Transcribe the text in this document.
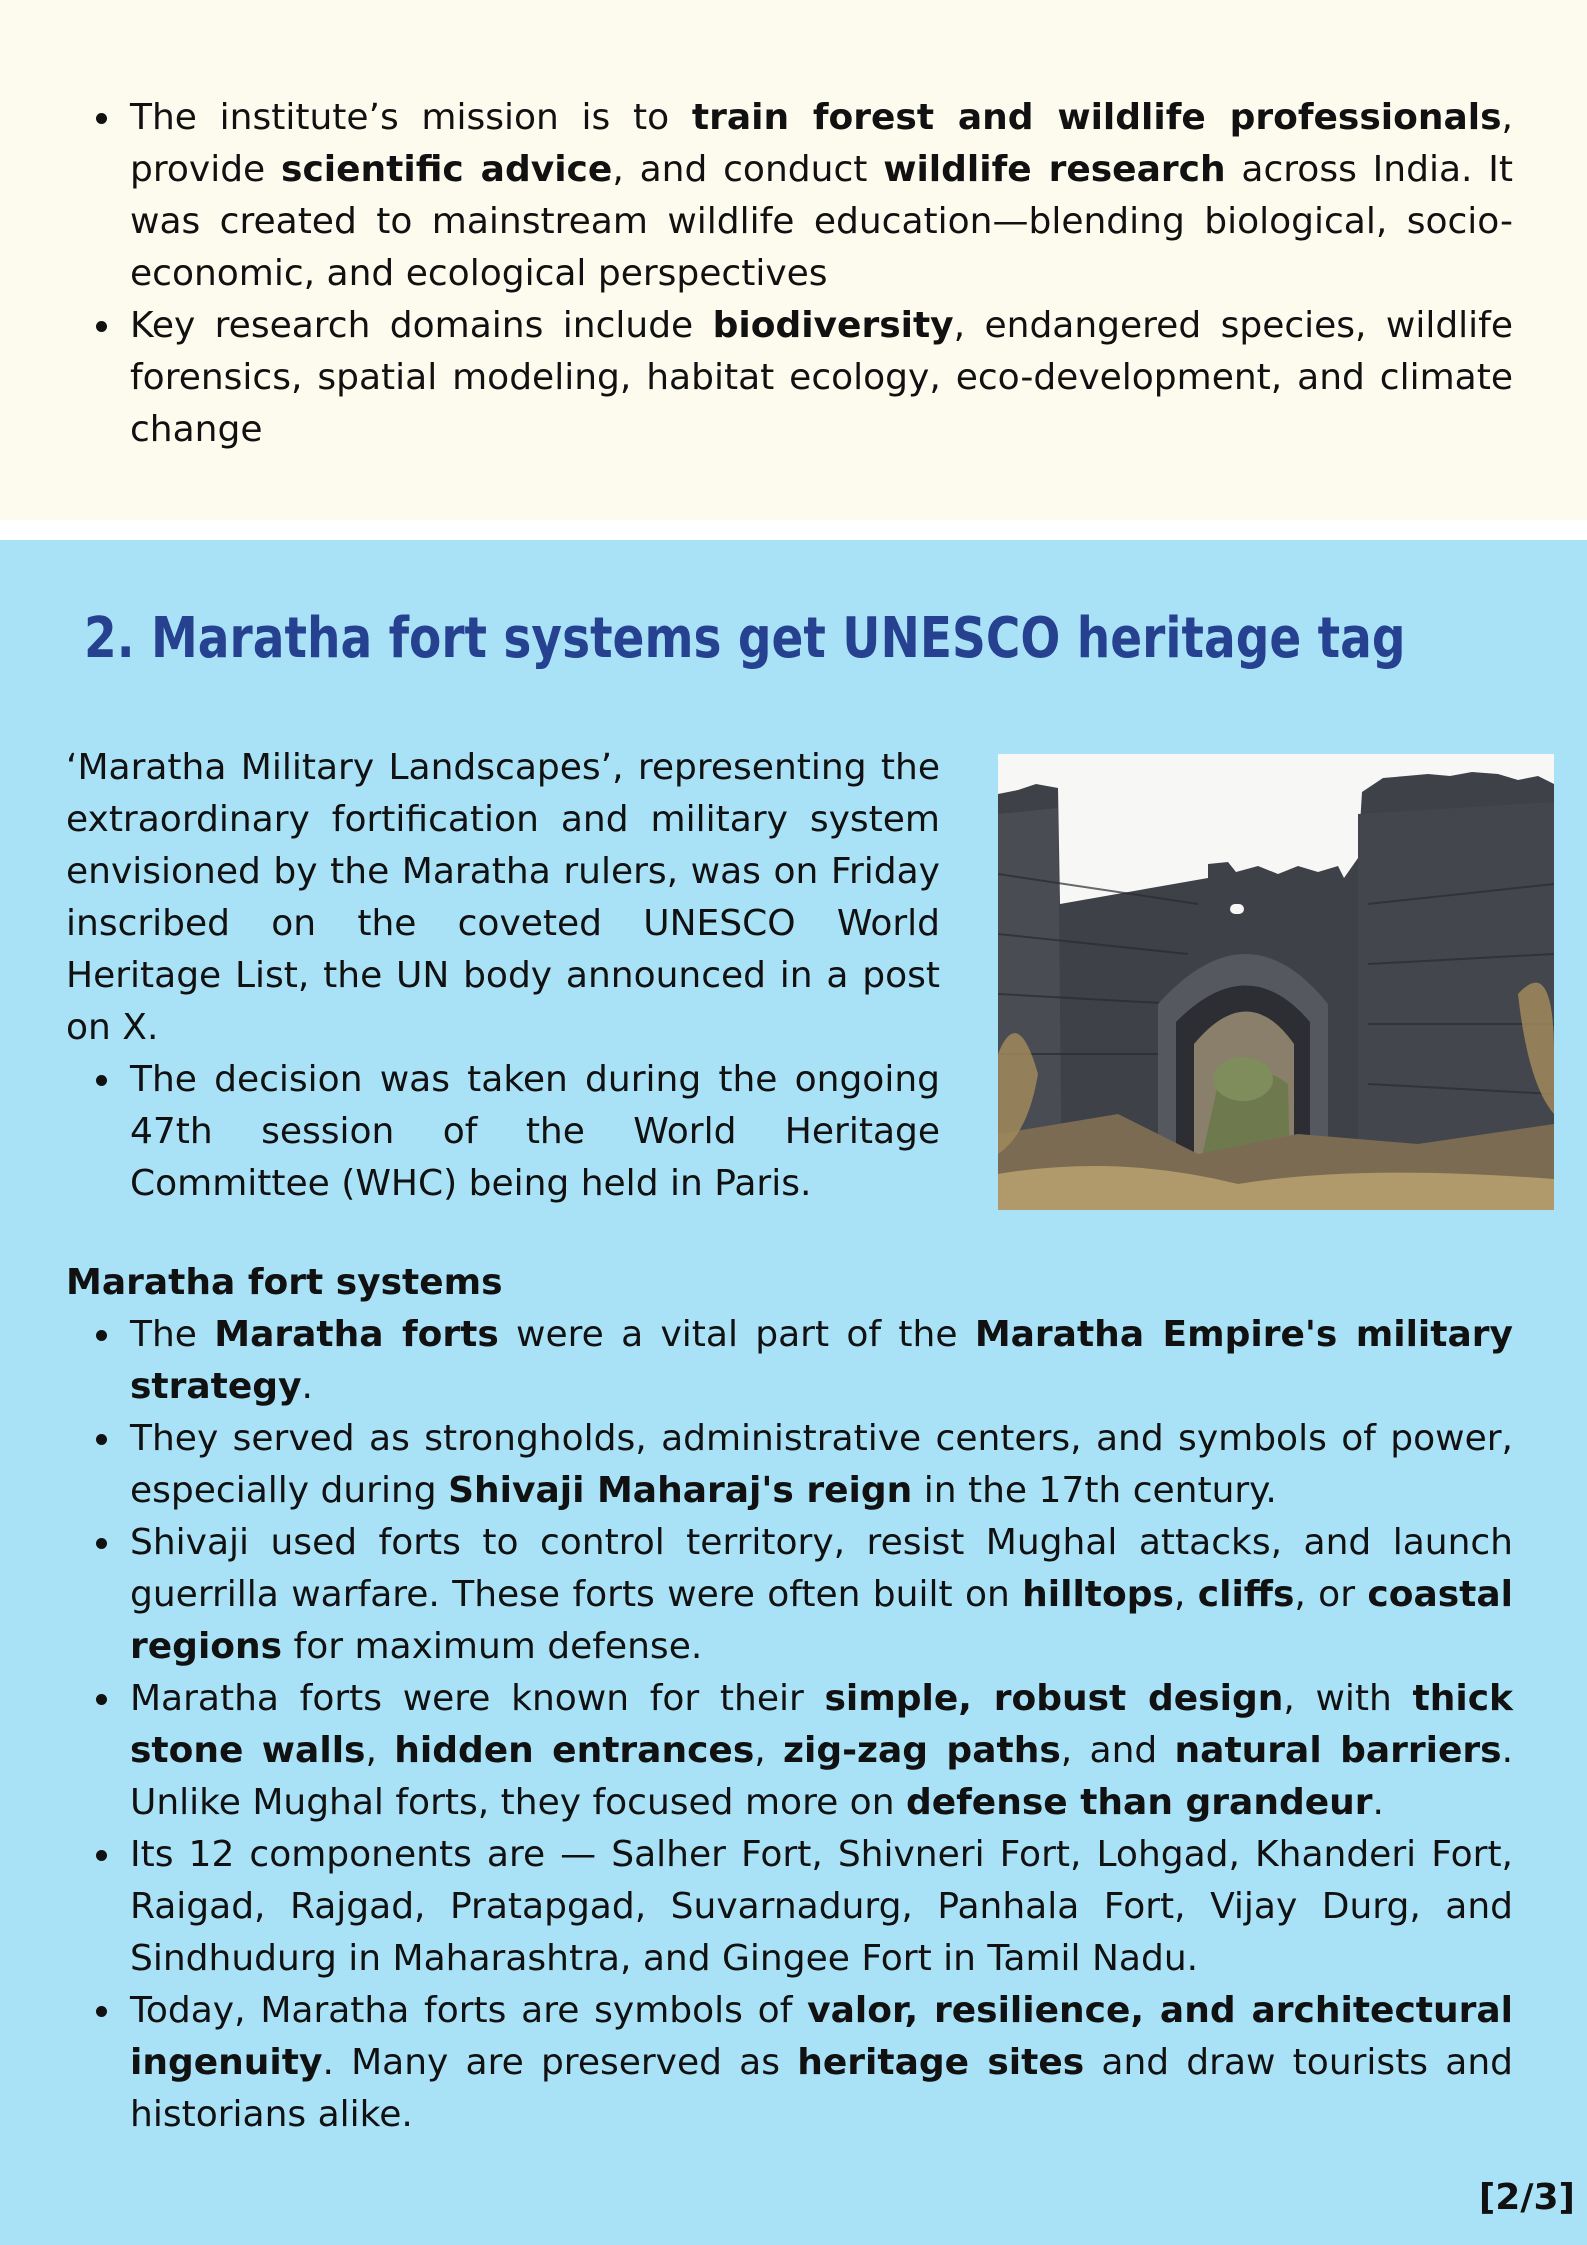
The institute’s mission is to train forest and wildlife professionals, provide scientific advice, and conduct wildlife research across India. It was created to mainstream wildlife education—blending biological, socio-economic, and ecological perspectives
Key research domains include biodiversity, endangered species, wildlife forensics, spatial modeling, habitat ecology, eco-development, and climate change
2. Maratha fort systems get UNESCO heritage tag

‘Maratha Military Landscapes’, representing the extraordinary fortification and military system envisioned by the Maratha rulers, was on Friday inscribed on the coveted UNESCO World Heritage List, the UN body announced in a post on X.

The decision was taken during the ongoing 47th session of the World Heritage Committee (WHC) being held in Paris.
Maratha fort systems
The Maratha forts were a vital part of the Maratha Empire's military strategy.
They served as strongholds, administrative centers, and symbols of power, especially during Shivaji Maharaj's reign in the 17th century.
Shivaji used forts to control territory, resist Mughal attacks, and launch guerrilla warfare. These forts were often built on hilltops, cliffs, or coastal regions for maximum defense.
Maratha forts were known for their simple, robust design, with thick stone walls, hidden entrances, zig-zag paths, and natural barriers. Unlike Mughal forts, they focused more on defense than grandeur.
Its 12 components are — Salher Fort, Shivneri Fort, Lohgad, Khanderi Fort, Raigad, Rajgad, Pratapgad, Suvarnadurg, Panhala Fort, Vijay Durg, and Sindhudurg in Maharashtra, and Gingee Fort in Tamil Nadu.
Today, Maratha forts are symbols of valor, resilience, and architectural ingenuity. Many are preserved as heritage sites and draw tourists and historians alike.
[2/3]
